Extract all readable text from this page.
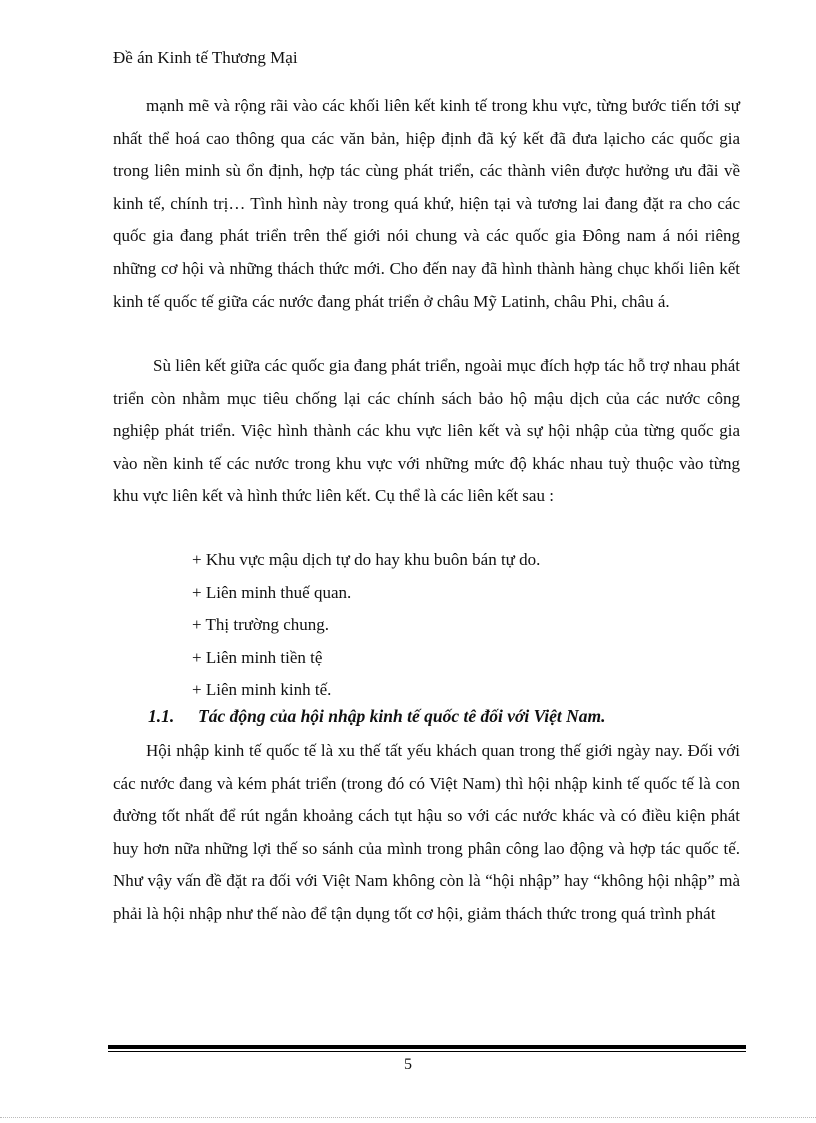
Đề án Kinh tế Thương Mại

mạnh mẽ và rộng rãi vào các khối liên kết kinh tế trong khu vực, từng bước tiến tới sự nhất thể hoá cao thông qua các văn bản, hiệp định đã ký kết đã đưa lạicho các quốc gia trong liên minh sù ổn định, hợp tác cùng phát triển, các thành viên được hưởng ưu đãi về kinh tế, chính trị… Tình hình này trong quá khứ, hiện tại và tương lai đang đặt ra cho các quốc gia đang phát triển trên thế giới nói chung và các quốc gia Đông nam á nói riêng những cơ hội và những thách thức mới. Cho đến nay đã hình thành hàng chục khối liên kết kinh tế quốc tế giữa các nước đang phát triển ở châu Mỹ Latinh, châu Phi, châu á.

Sù liên kết giữa các quốc gia đang phát triển, ngoài mục đích hợp tác hỗ trợ nhau phát triển còn nhằm mục tiêu chống lại các chính sách bảo hộ mậu dịch của các nước công nghiệp phát triển. Việc hình thành các khu vực liên kết và sự hội nhập của từng quốc gia vào nền kinh tế các nước trong khu vực với những mức độ khác nhau tuỳ thuộc vào từng khu vực liên kết và hình thức liên kết. Cụ thể là các liên kết sau :

+ Khu vực mậu dịch tự do hay khu buôn bán tự do.
+ Liên minh thuế quan.
+ Thị trường chung.
+ Liên minh tiền tệ
+ Liên minh kinh tế.
1.1. Tác động của hội nhập kinh tế quốc tê đối với Việt Nam.

Hội nhập kinh tế quốc tế là xu thế tất yếu khách quan trong thế giới ngày nay. Đối với các nước đang và kém phát triển (trong đó có Việt Nam) thì hội nhập kinh tế quốc tế là con đường tốt nhất để rút ngắn khoảng cách tụt hậu so với các nước khác và có điều kiện phát huy hơn nữa những lợi thế so sánh của mình trong phân công lao động và hợp tác quốc tế. Như vậy vấn đề đặt ra đối với Việt Nam không còn là “hội nhập” hay “không hội nhập” mà phải là hội nhập như thế nào để tận dụng tốt cơ hội, giảm thách thức trong quá trình phát

5
